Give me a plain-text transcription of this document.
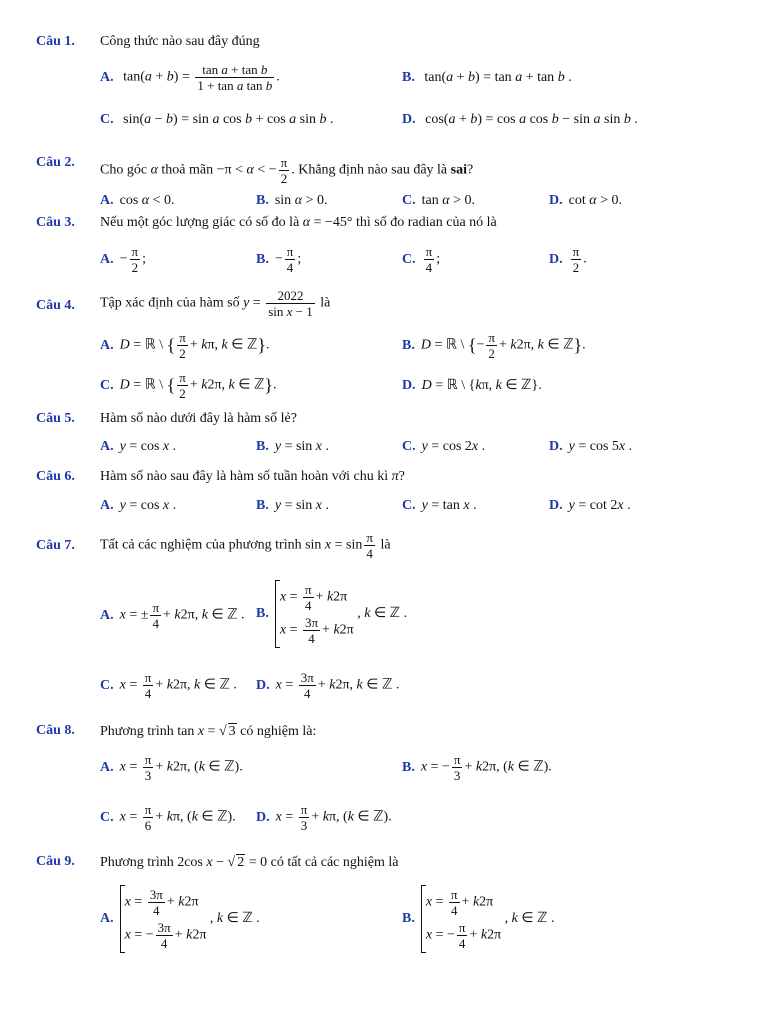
Câu 1. Công thức nào sau đây đúng
A. $\tan(a + b) = \frac{\text{tan a + tan b}}{\text{1 + tan a tan b}}$ .	B. tan(a + b) = tan a + tan b .
C. sin(a − b) = sin a cos b + cos a sin b .	D. cos(a + b) = cos a cos b − sin a sin b .
Câu 2.
Cho góc α thoả mãn −π < α < − $\frac{\pi}{2}$ . Khẳng định nào sau đây là sai?
A. cos α < 0.	B. sin α > 0.	C. tan α > 0.	D. cot α > 0.
Câu 3. Nếu một góc lượng giác có số đo là α = −45° thì số đo radian của nó là
A. − $\frac{\pi}{2}$ ;	B. − $\frac{\pi}{4}$ ;	C. $\frac{\pi}{4}$ ;	D. $\frac{\pi}{2}$ .
Câu 4. Tập xác định của hàm số $y = \frac{2022}{\text{sin x − 1}}$ là
A. D = ℝ \ { $\frac{\pi}{2} + k\pi$, k ∈ ℤ}.	B. D = ℝ \ {− $\frac{\pi}{2} + k2\pi$, k ∈ ℤ}.
C. D = ℝ \ { $\frac{\pi}{2} + k2\pi$, k ∈ ℤ}.	D. D = ℝ \ {kπ, k ∈ ℤ}.
Câu 5. Hàm số nào dưới đây là hàm số lẻ?
A. y = cos x .	B. y = sin x .	C. y = cos 2x .	D. y = cos 5x .
Câu 6. Hàm số nào sau đây là hàm số tuần hoàn với chu kì π?
A. y = cos x .	B. y = sin x .	C. y = tan x .	D. y = cot 2x .
Câu 7. Tất cả các nghiệm của phương trình $\sin x = \sin \frac{\pi}{4}$ là
A. x = ± $\frac{\pi}{4} + k2\pi$, k ∈ ℤ . B.
$x = \frac{\pi}{4} + k2\pi$
$x = \frac{3\pi}{4} + k2\pi$
, k ∈ ℤ .
C. $x = \frac{\pi}{4} + k2\pi$, k ∈ ℤ . D. $x = \frac{3\pi}{4} + k2\pi$, k ∈ ℤ .
Câu 8. Phương trình tan x = √ 3 có nghiệm là:
A. $x = \frac{\pi}{3} + k2\pi$, (k ∈ ℤ).	B. x = − $\frac{\pi}{3} + k2\pi$, (k ∈ ℤ).
C. $x = \frac{\pi}{6} + k\pi$, (k ∈ ℤ). D. $x = \frac{\pi}{3} + k\pi$, (k ∈ ℤ).
Câu 9. Phương trình 2cos x − √ 2 = 0 có tất cả các nghiệm là
A.
$x = \frac{3\pi}{4} + k2\pi$
x = − $\frac{3\pi}{4} + k2\pi$
, k ∈ ℤ .	B.
$x = \frac{\pi}{4} + k2\pi$
x = − $\frac{\pi}{4} + k2\pi$
, k ∈ ℤ .
